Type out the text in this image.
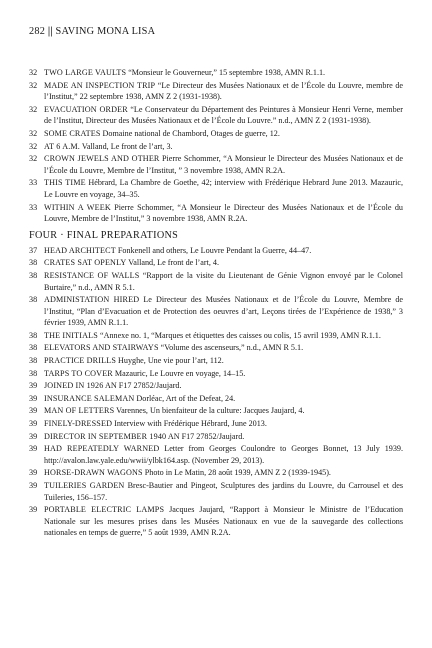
282 || SAVING MONA LISA
32 TWO LARGE VAULTS “Monsieur le Gouverneur,” 15 septembre 1938, AMN R.1.1.
32 MADE AN INSPECTION TRIP “Le Directeur des Musées Nationaux et de l’École du Louvre, membre de l’Institut,” 22 septembre 1938, AMN Z 2 (1931-1938).
32 EVACUATION ORDER “Le Conservateur du Département des Peintures à Monsieur Henri Verne, member de l’Institut, Directeur des Musées Nationaux et de l’École du Louvre.” n.d., AMN Z 2 (1931-1938).
32 SOME CRATES Domaine national de Chambord, Otages de guerre, 12.
32 AT 6 A.M. Valland, Le front de l’art, 3.
32 CROWN JEWELS AND OTHER Pierre Schommer, “A Monsieur le Directeur des Musées Nationaux et de l’École du Louvre, Membre de l’Institut, ” 3 novembre 1938, AMN R.2A.
33 THIS TIME Hébrard, La Chambre de Goethe, 42; interview with Frédérique Hebrard June 2013. Mazauric, Le Louvre en voyage, 34–35.
33 WITHIN A WEEK Pierre Schommer, “A Monsieur le Directeur des Musées Nationaux et de l’École du Louvre, Membre de l’Institut,” 3 novembre 1938, AMN R.2A.
FOUR · FINAL PREPARATIONS
37 HEAD ARCHITECT Fonkenell and others, Le Louvre Pendant la Guerre, 44–47.
38 CRATES SAT OPENLY Valland, Le front de l’art, 4.
38 RESISTANCE OF WALLS “Rapport de la visite du Lieutenant de Génie Vignon envoyé par le Colonel Burtaire,” n.d., AMN R 5.1.
38 ADMINISTATION HIRED Le Directeur des Musées Nationaux et de l’École du Louvre, Membre de l’Institut, “Plan d’Evacuation et de Protection des oeuvres d’art, Leçons tirées de l’Expérience de 1938,” 3 février 1939, AMN R.1.1.
38 THE INITIALS “Annexe no. 1, “Marques et étiquettes des caisses ou colis, 15 avril 1939, AMN R.1.1.
38 ELEVATORS AND STAIRWAYS “Volume des ascenseurs,” n.d., AMN R 5.1.
38 PRACTICE DRILLS Huyghe, Une vie pour l’art, 112.
38 TARPS TO COVER Mazauric, Le Louvre en voyage, 14–15.
39 JOINED IN 1926 AN F17 27852/Jaujard.
39 INSURANCE SALEMAN Dorléac, Art of the Defeat, 24.
39 MAN OF LETTERS Varennes, Un bienfaiteur de la culture: Jacques Jaujard, 4.
39 FINELY-DRESSED Interview with Frédérique Hébrard, June 2013.
39 DIRECTOR IN SEPTEMBER 1940 AN F17 27852/Jaujard.
39 HAD REPEATEDLY WARNED Letter from Georges Coulondre to Georges Bonnet, 13 July 1939. http://avalon.law.yale.edu/wwii/ylbk164.asp. (November 29, 2013).
39 HORSE-DRAWN WAGONS Photo in Le Matin, 28 août 1939, AMN Z 2 (1939-1945).
39 TUILERIES GARDEN Bresc-Bautier and Pingeot, Sculptures des jardins du Louvre, du Carrousel et des Tuileries, 156–157.
39 PORTABLE ELECTRIC LAMPS Jacques Jaujard, “Rapport à Monsieur le Ministre de l’Education Nationale sur les mesures prises dans les Musées Nationaux en vue de la sauvegarde des collections nationales en temps de guerre,” 5 août 1939, AMN R.2A.
